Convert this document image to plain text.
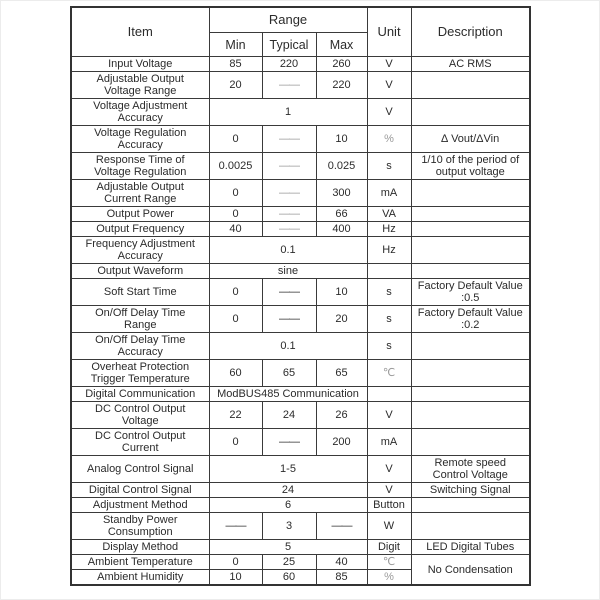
Item	Range			Unit	Description
	Min	Typical	Max		
Input Voltage	85	220	260	V	AC RMS
Adjustable Output Voltage Range	20	——	220	V	
Voltage Adjustment Accuracy	1			V	
Voltage Regulation Accuracy	0	——	10	%	∆ Vout/ΔVin
Response Time of Voltage Regulation	0.0025	——	0.025	s	1/10 of the period of output voltage
Adjustable Output Current Range	0	——	300	mA	
Output Power	0	——	66	VA	
Output Frequency	40	——	400	Hz	
Frequency Adjustment Accuracy	0.1			Hz	
Output Waveform	sine				
Soft Start Time	0	——	10	s	Factory Default Value :0.5
On/Off Delay Time Range	0	——	20	s	Factory Default Value :0.2
On/Off Delay Time Accuracy	0.1			s	
Overheat Protection Trigger Temperature	60	65	65	℃	
Digital Communication	ModBUS485 Communication				
DC Control Output Voltage	22	24	26	V	
DC Control Output Current	0	——	200	mA	
Analog Control Signal	1-5			V	Remote speed Control Voltage
Digital Control Signal	24			V	Switching Signal
Adjustment Method	6			Button	
Standby Power Consumption	——	3	——	W	
Display Method	5			Digit	LED Digital Tubes
Ambient Temperature	0	25	40	℃	No Condensation
Ambient Humidity	10	60	85	%	
